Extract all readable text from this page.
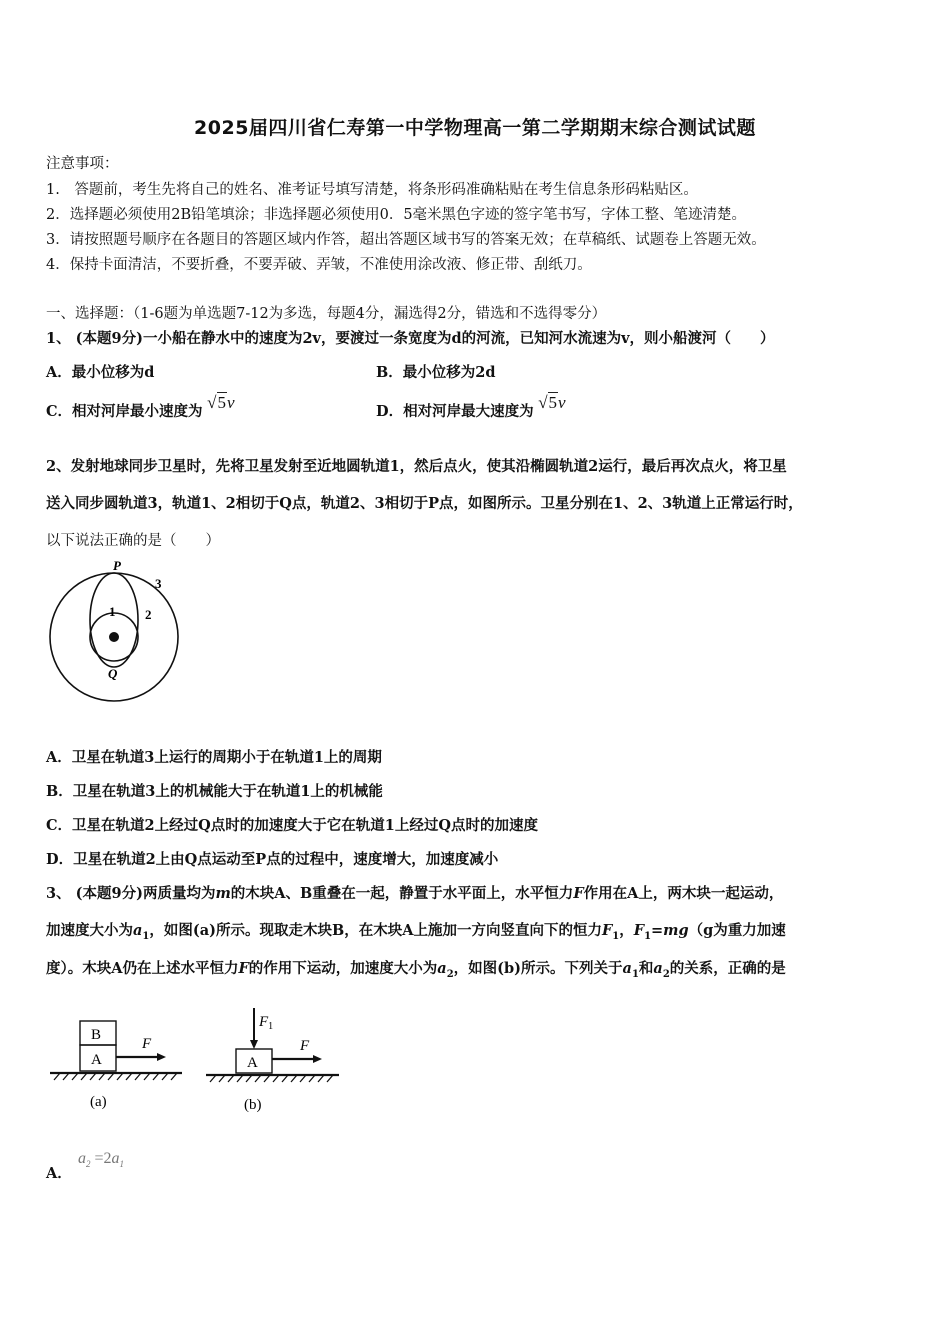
2025届四川省仁寿第一中学物理高一第二学期期末综合测试试题
注意事项：
1.　答题前，考生先将自己的姓名、准考证号填写清楚，将条形码准确粘贴在考生信息条形码粘贴区。
2．选择题必须使用2B铅笔填涂；非选择题必须使用0．5毫米黑色字迹的签字笔书写，字体工整、笔迹清楚。
3．请按照题号顺序在各题目的答题区域内作答，超出答题区域书写的答案无效；在草稿纸、试题卷上答题无效。
4．保持卡面清洁，不要折叠，不要弄破、弄皱，不准使用涂改液、修正带、刮纸刀。
一、选择题：（1-6题为单选题7-12为多选，每题4分，漏选得2分，错选和不选得零分）
1、 (本题9分)一小船在静水中的速度为2v，要渡过一条宽度为d的河流，已知河水流速为v，则小船渡河（　　）
A．最小位移为d	B．最小位移为2d
C．相对河岸最小速度为 √5v	D．相对河岸最大速度为 √5v
2、发射地球同步卫星时，先将卫星发射至近地圆轨道1，然后点火，使其沿椭圆轨道2运行，最后再次点火，将卫星
送入同步圆轨道3，轨道1、2相切于Q点，轨道2、3相切于P点，如图所示。卫星分别在1、2、3轨道上正常运行时，
以下说法正确的是（　　）
P
Q
1 2
3
A．卫星在轨道3上运行的周期小于在轨道1上的周期
B．卫星在轨道3上的机械能大于在轨道1上的机械能
C．卫星在轨道2上经过Q点时的加速度大于它在轨道1上经过Q点时的加速度
D．卫星在轨道2上由Q点运动至P点的过程中，速度增大，加速度减小
3、 (本题9分)两质量均为m的木块A、B重叠在一起，静置于水平面上，水平恒力F作用在A上，两木块一起运动，
加速度大小为$a_1$，如图(a)所示。现取走木块B，在木块A上施加一方向竖直向下的恒力$F_1$，$F_1=mg(g$为重力加速
度）。木块A仍在上述水平恒力F的作用下运动，加速度大小为$a_2$，如图(b)所示。下列关于$a_1$和$a_2$的关系，正确的是
B
A
F
(a)
A
$F_1$
F
(b)
A．
$a_2 =2a_1$
